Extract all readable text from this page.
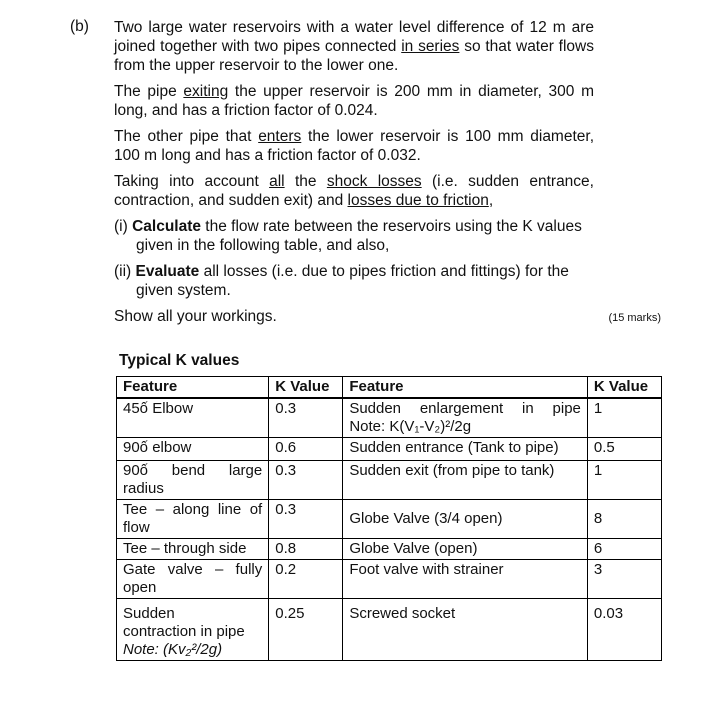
(b) Two large water reservoirs with a water level difference of 12 m are joined together with two pipes connected in series so that water flows from the upper reservoir to the lower one.

The pipe exiting the upper reservoir is 200 mm in diameter, 300 m long, and has a friction factor of 0.024.

The other pipe that enters the lower reservoir is 100 mm diameter, 100 m long and has a friction factor of 0.032.

Taking into account all the shock losses (i.e. sudden entrance, contraction, and sudden exit) and losses due to friction,

(i) Calculate the flow rate between the reservoirs using the K values given in the following table, and also,

(ii) Evaluate all losses (i.e. due to pipes friction and fittings) for the given system.

Show all your workings.	(15 marks)
Typical K values
Feature	K Value	Feature	K Value
45ố Elbow	0.3	Sudden enlargement in pipe
Note: K(V₁-V₂)²/2g	1
90ố elbow	0.6	Sudden entrance (Tank to pipe)	0.5

90ố bend large
radius	0.3	Sudden exit (from pipe to tank)	1

Tee – along line of
flow	0.3	Globe Valve (3/4 open)	8
Tee – through side	0.8	Globe Valve (open)	6

Gate valve – fully
open	0.2	Foot valve with strainer	3

Sudden
contraction in pipe
Note: (Kv₂²/2g)	0.25	Screwed socket	0.03
